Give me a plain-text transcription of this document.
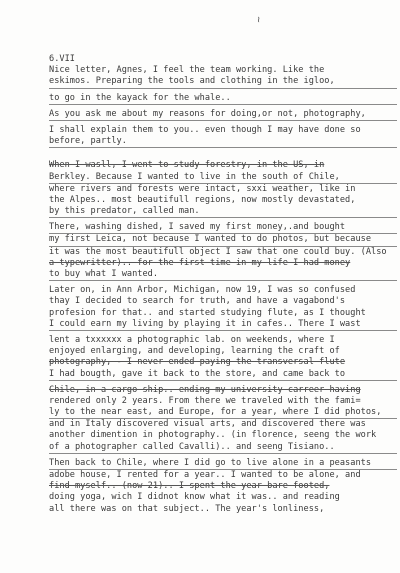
~
6.VII
Nice letter, Agnes, I feel the team working. Like the
eskimos. Preparing the tools and clothing in the igloo,
to go in the kayack for the whale..
As you ask me about my reasons for doing,or not, photography,
I shall explain them to you.. even though I may have done so
before, partly.
When I wasll, I went to study forestry, in the US, in
Berkley. Because I wanted to live in the south of Chile,
where rivers and forests were intact, sxxi weather, like in
the Alpes.. most beautifull regions, now mostly devastated,
by this predator, called man.
There, washing dished, I saved my first money,.and bought
my first Leica, not because I wanted to do photos, but because
it was the most beautifull object I saw that one could buy. (Also
a typewritter).. for the first time in my life I had money
to buy what I wanted.
Later on, in Ann Arbor, Michigan, now 19, I was so confused
thay I decided to search for truth, and have a vagabond's
profesion for that.. and started studying flute, as I thought
I could earn my living by playing it in cafes.. There I wast
lent a txxxxxx a photographic lab. on weekends, where I
enjoyed enlarging, and developing, learning the craft of
photography, - I never ended paying the transversal flute
I had bougth, gave it back to the store, and came back to
Chile, in a cargo ship.. ending my university carreer having
rendered only 2 years. From there we traveled with the fami=
ly to the near east, and Europe, for a year, where I did photos,
and in Italy discovered visual arts, and discovered there was
another dimention in photography.. (in florence, seeng the work
of a photographer called Cavalli).. and seeng Tisiano..
Then back to Chile, where I did go to live alone in a peasants
adobe house, I rented for a year.. I wanted to be alone, and
find myself.. (now 21).. I spent the year bare footed,
doing yoga, wich I didnot know what it was.. and reading
all there was on that subject.. The year's lonliness,
